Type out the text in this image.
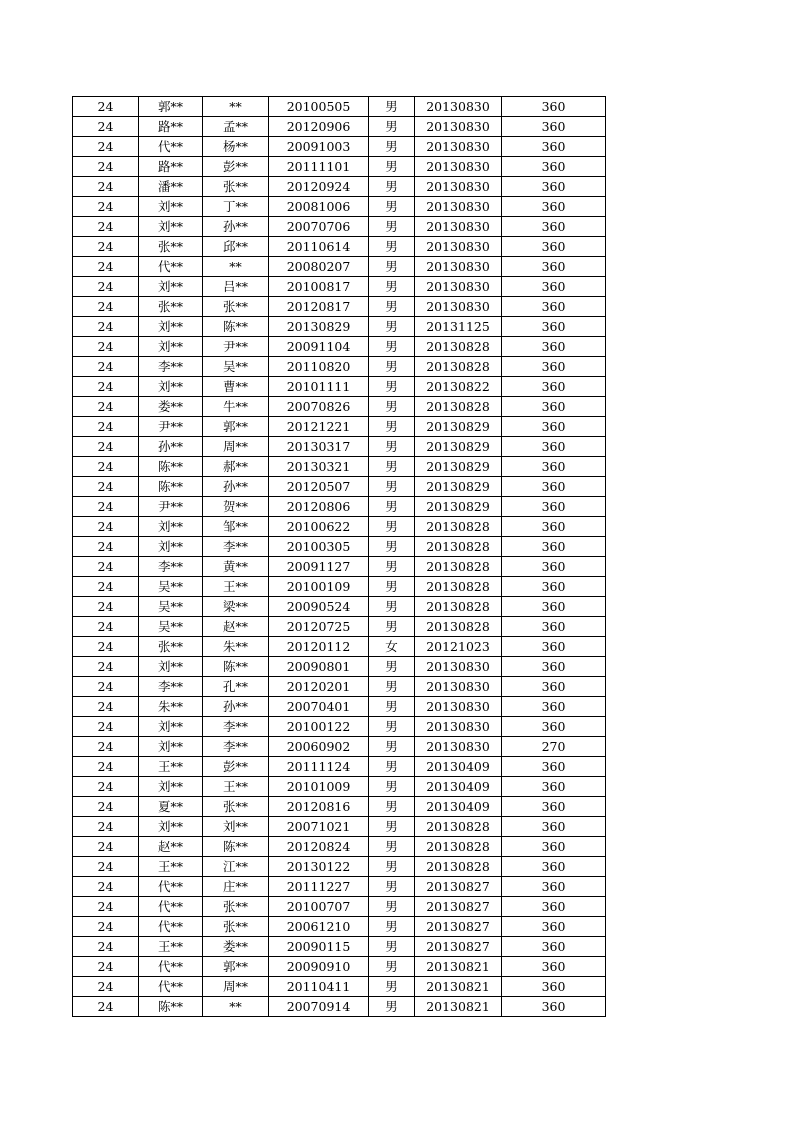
24	郭**	**	20100505	男	20130830	360
24	路**	孟**	20120906	男	20130830	360
24	代**	杨**	20091003	男	20130830	360
24	路**	彭**	20111101	男	20130830	360
24	潘**	张**	20120924	男	20130830	360
24	刘**	丁**	20081006	男	20130830	360
24	刘**	孙**	20070706	男	20130830	360
24	张**	邱**	20110614	男	20130830	360
24	代**	**	20080207	男	20130830	360
24	刘**	吕**	20100817	男	20130830	360
24	张**	张**	20120817	男	20130830	360
24	刘**	陈**	20130829	男	20131125	360
24	刘**	尹**	20091104	男	20130828	360
24	李**	吴**	20110820	男	20130828	360
24	刘**	曹**	20101111	男	20130822	360
24	娄**	牛**	20070826	男	20130828	360
24	尹**	郭**	20121221	男	20130829	360
24	孙**	周**	20130317	男	20130829	360
24	陈**	郝**	20130321	男	20130829	360
24	陈**	孙**	20120507	男	20130829	360
24	尹**	贺**	20120806	男	20130829	360
24	刘**	邹**	20100622	男	20130828	360
24	刘**	李**	20100305	男	20130828	360
24	李**	黄**	20091127	男	20130828	360
24	吴**	王**	20100109	男	20130828	360
24	吴**	梁**	20090524	男	20130828	360
24	吴**	赵**	20120725	男	20130828	360
24	张**	朱**	20120112	女	20121023	360
24	刘**	陈**	20090801	男	20130830	360
24	李**	孔**	20120201	男	20130830	360
24	朱**	孙**	20070401	男	20130830	360
24	刘**	李**	20100122	男	20130830	360
24	刘**	李**	20060902	男	20130830	270
24	王**	彭**	20111124	男	20130409	360
24	刘**	王**	20101009	男	20130409	360
24	夏**	张**	20120816	男	20130409	360
24	刘**	刘**	20071021	男	20130828	360
24	赵**	陈**	20120824	男	20130828	360
24	王**	江**	20130122	男	20130828	360
24	代**	庄**	20111227	男	20130827	360
24	代**	张**	20100707	男	20130827	360
24	代**	张**	20061210	男	20130827	360
24	王**	娄**	20090115	男	20130827	360
24	代**	郭**	20090910	男	20130821	360
24	代**	周**	20110411	男	20130821	360
24	陈**	**	20070914	男	20130821	360
